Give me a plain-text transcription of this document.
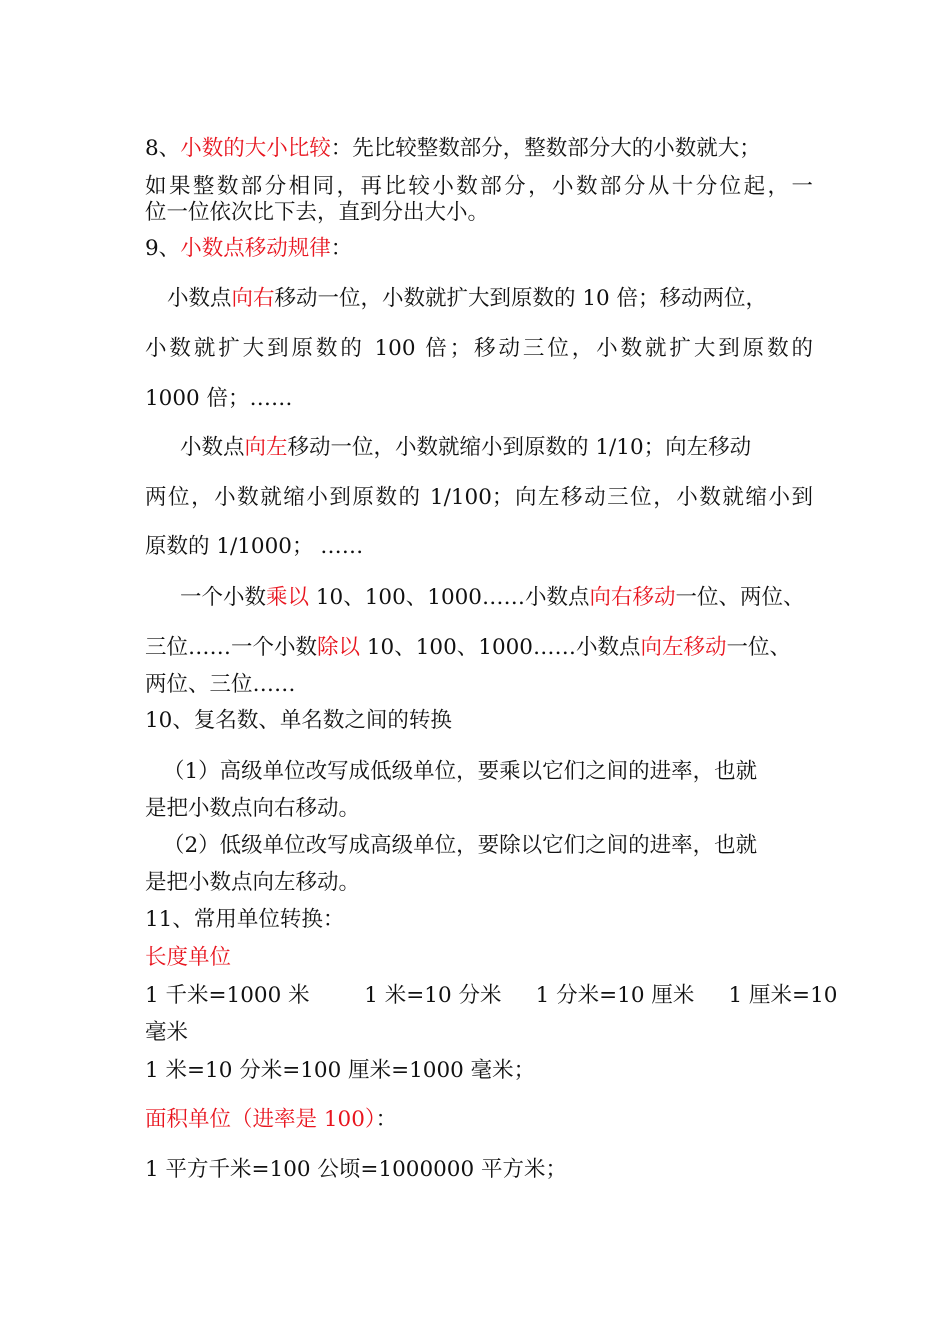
8、小数的大小比较：先比较整数部分，整数部分大的小数就大；
如果整数部分相同，再比较小数部分，小数部分从十分位起，一
位一位依次比下去，直到分出大小。
9、小数点移动规律：
小数点向右移动一位，小数就扩大到原数的 10 倍；移动两位，
小数就扩大到原数的 100 倍；移动三位，小数就扩大到原数的
1000 倍；……
小数点向左移动一位，小数就缩小到原数的 1/10；向左移动
两位，小数就缩小到原数的 1/100；向左移动三位，小数就缩小到
原数的 1/1000； ……
一个小数乘以 10、100、1000……小数点向右移动一位、两位、
三位……一个小数除以 10、100、1000……小数点向左移动一位、
两位、三位……
10、复名数、单名数之间的转换
（1）高级单位改写成低级单位，要乘以它们之间的进率，也就
是把小数点向右移动。
（2）低级单位改写成高级单位，要除以它们之间的进率，也就
是把小数点向左移动。
11、常用单位转换：
长度单位
1 千米=1000 米        1 米=10 分米     1 分米=10 厘米     1 厘米=10
毫米
1 米=10 分米=100 厘米=1000 毫米；
面积单位（进率是 100）：
1 平方千米=100 公顷=1000000 平方米；
